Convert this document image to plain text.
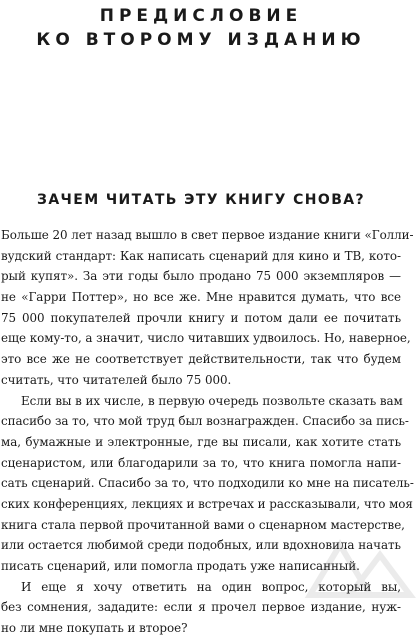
ПРЕДИСЛОВИЕ
КО ВТОРОМУ ИЗДАНИЮ
ЗАЧЕМ ЧИТАТЬ ЭТУ КНИГУ СНОВА?
Больше 20 лет назад вышло в свет первое издание книги «Голли-
вудский стандарт: Как написать сценарий для кино и ТВ, кото-
рый купят». За эти годы было продано 75 000 экземпляров —
не «Гарри Поттер», но все же. Мне нравится думать, что все
75 000 покупателей прочли книгу и потом дали ее почитать
еще кому-то, а значит, число читавших удвоилось. Но, наверное,
это все же не соответствует действительности, так что будем
считать, что читателей было 75 000.
Если вы в их числе, в первую очередь позвольте сказать вам
спасибо за то, что мой труд был вознагражден. Спасибо за пись-
ма, бумажные и электронные, где вы писали, как хотите стать
сценаристом, или благодарили за то, что книга помогла напи-
сать сценарий. Спасибо за то, что подходили ко мне на писатель-
ских конференциях, лекциях и встречах и рассказывали, что моя
книга стала первой прочитанной вами о сценарном мастерстве,
или остается любимой среди подобных, или вдохновила начать
писать сценарий, или помогла продать уже написанный.
И еще я хочу ответить на один вопрос, который вы,
без сомнения, зададите: если я прочел первое издание, нуж-
но ли мне покупать и второе?
